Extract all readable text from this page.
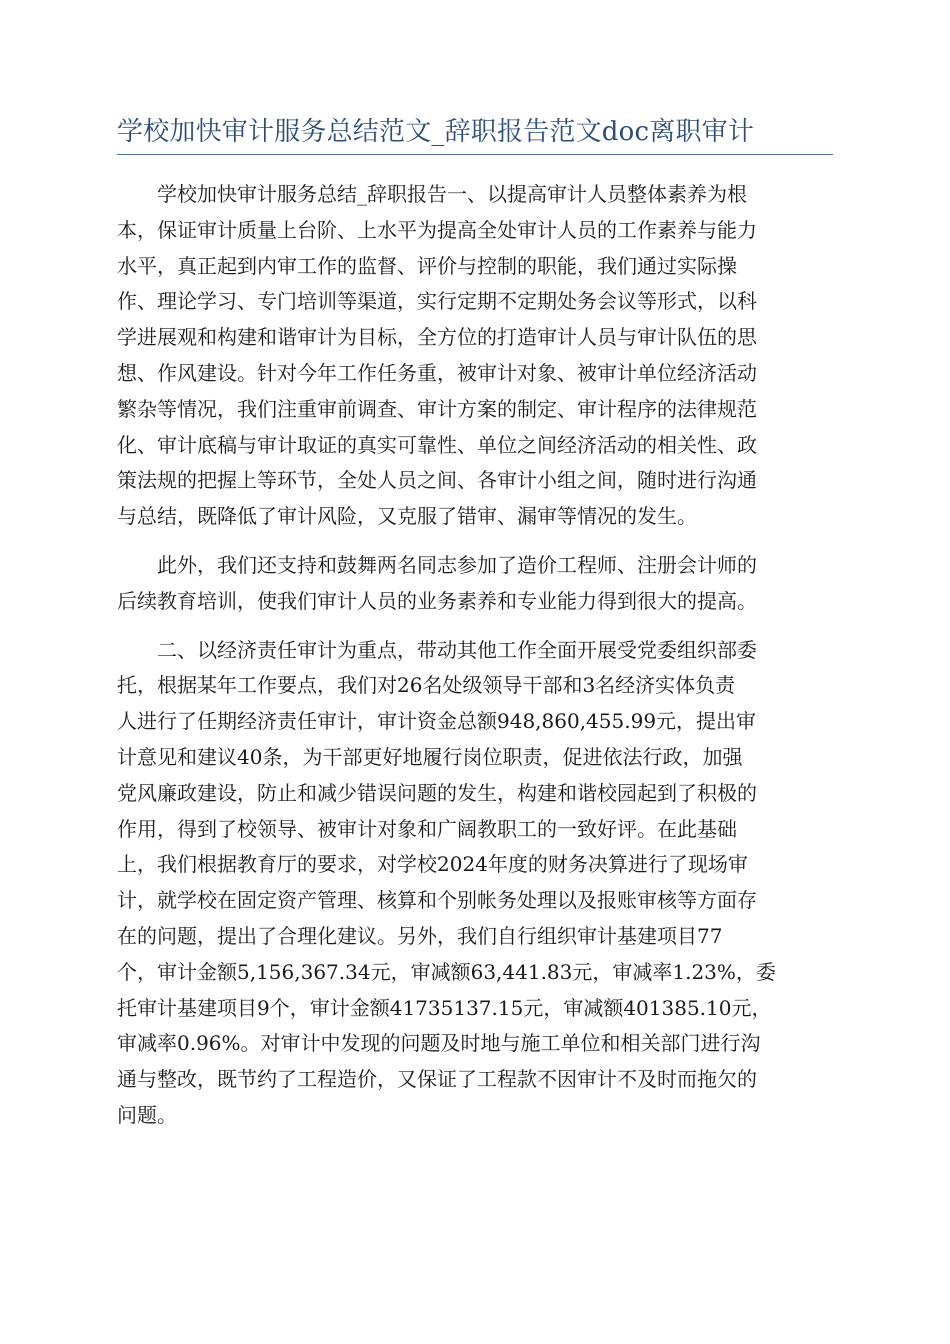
学校加快审计服务总结范文_辞职报告范文doc离职审计
学校加快审计服务总结_辞职报告一、以提高审计人员整体素养为根
本，保证审计质量上台阶、上水平为提高全处审计人员的工作素养与能力
水平，真正起到内审工作的监督、评价与控制的职能，我们通过实际操
作、理论学习、专门培训等渠道，实行定期不定期处务会议等形式，以科
学进展观和构建和谐审计为目标，全方位的打造审计人员与审计队伍的思
想、作风建设。针对今年工作任务重，被审计对象、被审计单位经济活动
繁杂等情况，我们注重审前调查、审计方案的制定、审计程序的法律规范
化、审计底稿与审计取证的真实可靠性、单位之间经济活动的相关性、政
策法规的把握上等环节，全处人员之间、各审计小组之间，随时进行沟通
与总结，既降低了审计风险，又克服了错审、漏审等情况的发生。
此外，我们还支持和鼓舞两名同志参加了造价工程师、注册会计师的
后续教育培训，使我们审计人员的业务素养和专业能力得到很大的提高。
二、以经济责任审计为重点，带动其他工作全面开展受党委组织部委
托，根据某年工作要点，我们对26名处级领导干部和3名经济实体负责
人进行了任期经济责任审计，审计资金总额948,860,455.99元，提出审
计意见和建议40条，为干部更好地履行岗位职责，促进依法行政，加强
党风廉政建设，防止和减少错误问题的发生，构建和谐校园起到了积极的
作用，得到了校领导、被审计对象和广阔教职工的一致好评。在此基础
上，我们根据教育厅的要求，对学校2024年度的财务决算进行了现场审
计，就学校在固定资产管理、核算和个别帐务处理以及报账审核等方面存
在的问题，提出了合理化建议。另外，我们自行组织审计基建项目77
个，审计金额5,156,367.34元，审减额63,441.83元，审减率1.23%，委
托审计基建项目9个，审计金额41735137.15元，审减额401385.10元，
审减率0.96%。对审计中发现的问题及时地与施工单位和相关部门进行沟
通与整改，既节约了工程造价，又保证了工程款不因审计不及时而拖欠的
问题。
